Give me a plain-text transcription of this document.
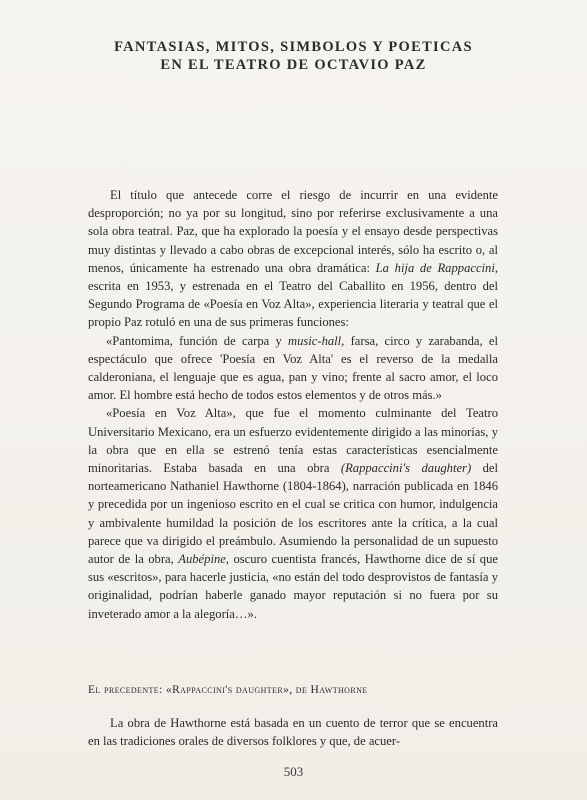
FANTASIAS, MITOS, SIMBOLOS Y POETICAS
EN EL TEATRO DE OCTAVIO PAZ

El título que antecede corre el riesgo de incurrir en una evidente desproporción; no ya por su longitud, sino por referirse exclusivamente a una sola obra teatral. Paz, que ha explorado la poesía y el ensayo desde perspectivas muy distintas y llevado a cabo obras de excepcional interés, sólo ha escrito o, al menos, únicamente ha estrenado una obra dramática: La hija de Rappaccini, escrita en 1953, y estrenada en el Teatro del Caballito en 1956, dentro del Segundo Programa de «Poesía en Voz Alta», experiencia literaria y teatral que el propio Paz rotuló en una de sus primeras funciones:

«Pantomima, función de carpa y music-hall, farsa, circo y zarabanda, el espectáculo que ofrece 'Poesía en Voz Alta' es el reverso de la medalla calderoniana, el lenguaje que es agua, pan y vino; frente al sacro amor, el loco amor. El hombre está hecho de todos estos elementos y de otros más.»

«Poesía en Voz Alta», que fue el momento culminante del Teatro Universitario Mexicano, era un esfuerzo evidentemente dirigido a las minorías, y la obra que en ella se estrenó tenía estas características esencialmente minoritarias. Estaba basada en una obra (Rappaccini's daughter) del norteamericano Nathaniel Hawthorne (1804-1864), narración publicada en 1846 y precedida por un ingenioso escrito en el cual se critica con humor, indulgencia y ambivalente humildad la posición de los escritores ante la crítica, a la cual parece que va dirigido el preámbulo. Asumiendo la personalidad de un supuesto autor de la obra, Aubépine, oscuro cuentista francés, Hawthorne dice de sí que sus «escritos», para hacerle justicia, «no están del todo desprovistos de fantasía y originalidad, podrían haberle ganado mayor reputación si no fuera por su inveterado amor a la alegoría…».

El precedente: «Rappaccini's daughter», de Hawthorne

La obra de Hawthorne está basada en un cuento de terror que se encuentra en las tradiciones orales de diversos folklores y que, de acuer-

503
